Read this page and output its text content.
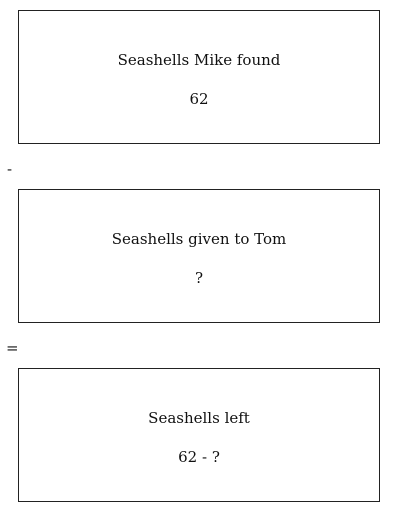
Seashells Mike found
62
-
Seashells given to Tom
?
=
Seashells left
62 - ?
